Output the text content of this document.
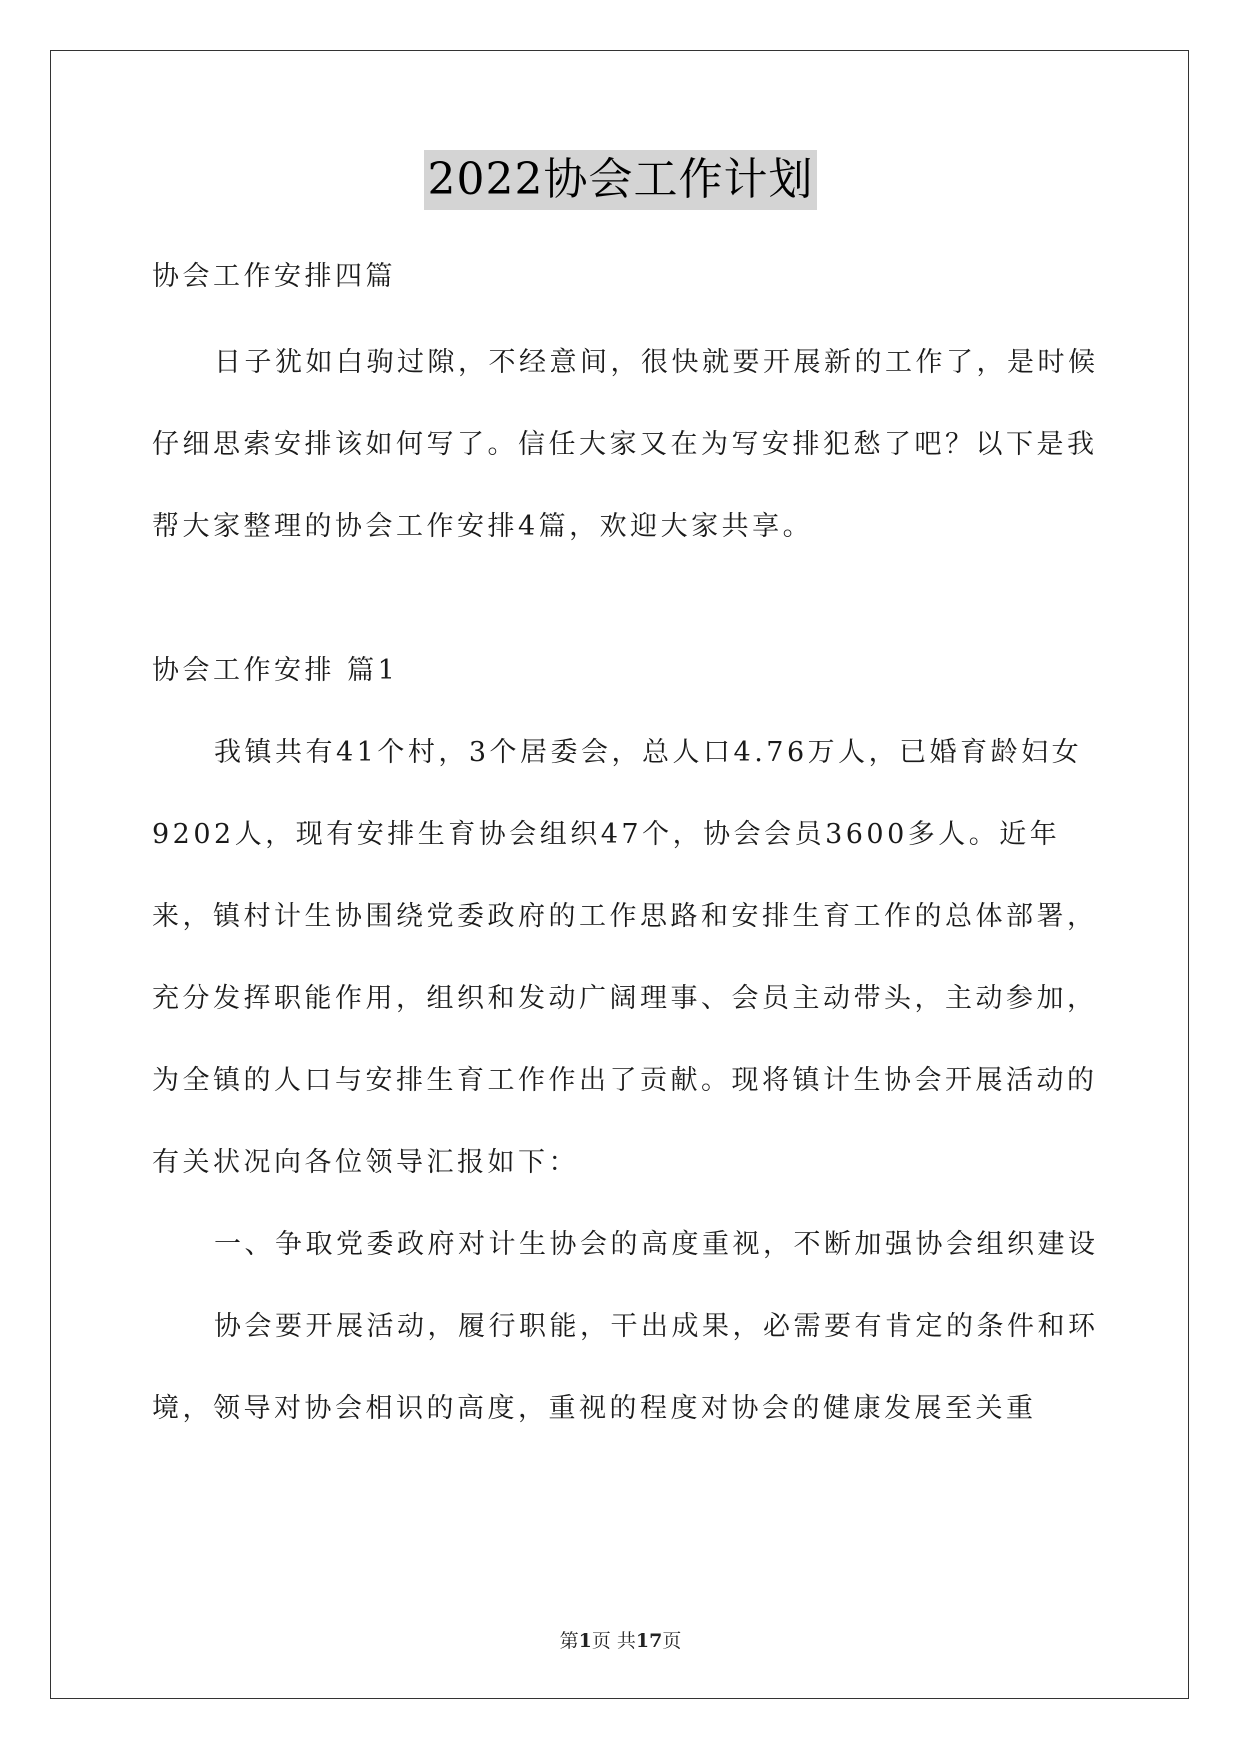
2022协会工作计划

协会工作安排四篇

日子犹如白驹过隙，不经意间，很快就要开展新的工作了，是时候仔细思索安排该如何写了。信任大家又在为写安排犯愁了吧？以下是我帮大家整理的协会工作安排4篇，欢迎大家共享。

协会工作安排 篇1

我镇共有41个村，3个居委会，总人口4.76万人，已婚育龄妇女9202人，现有安排生育协会组织47个，协会会员3600多人。近年来，镇村计生协围绕党委政府的工作思路和安排生育工作的总体部署，充分发挥职能作用，组织和发动广阔理事、会员主动带头，主动参加，为全镇的人口与安排生育工作作出了贡献。现将镇计生协会开展活动的有关状况向各位领导汇报如下：

一、争取党委政府对计生协会的高度重视，不断加强协会组织建设

协会要开展活动，履行职能，干出成果，必需要有肯定的条件和环境，领导对协会相识的高度，重视的程度对协会的健康发展至关重

第1页 共17页
